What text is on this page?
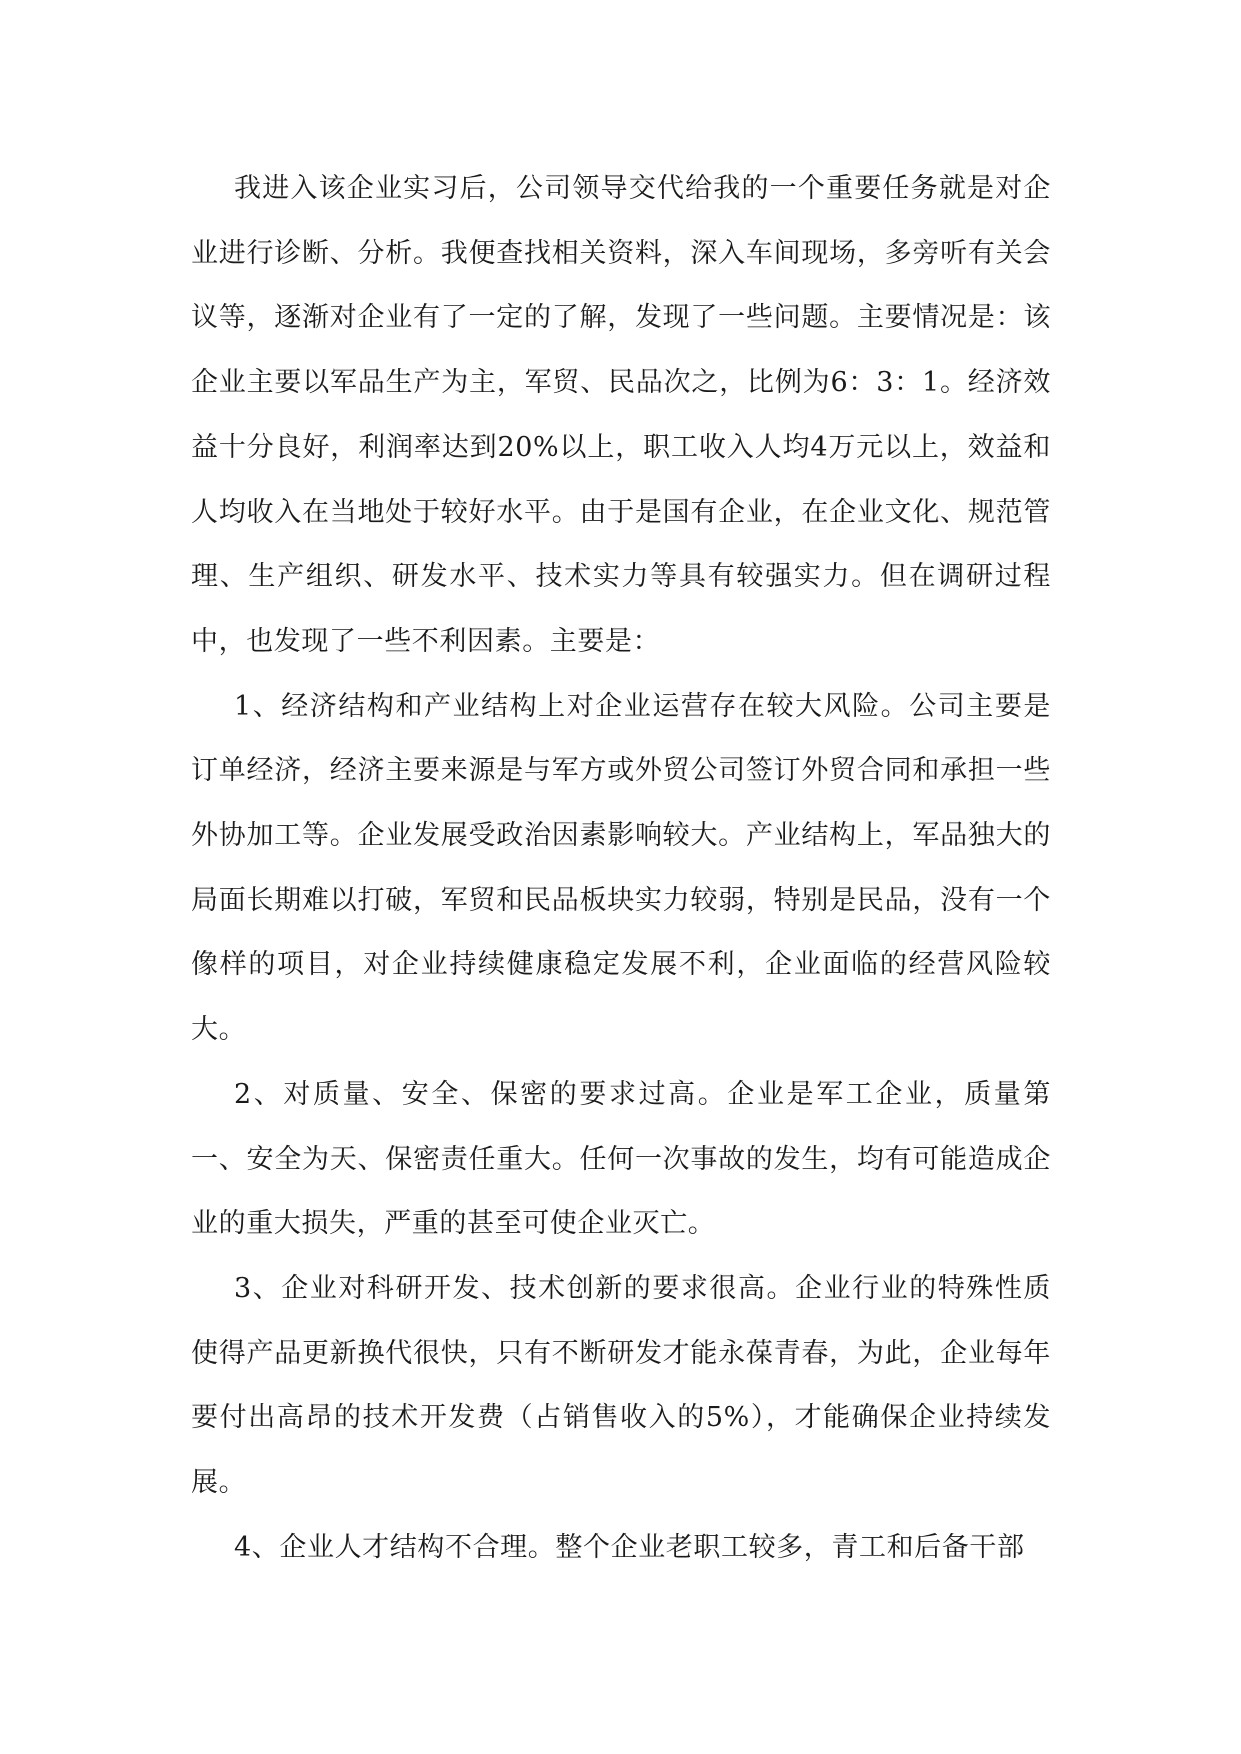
我进入该企业实习后，公司领导交代给我的一个重要任务就是对企业进行诊断、分析。我便查找相关资料，深入车间现场，多旁听有关会议等，逐渐对企业有了一定的了解，发现了一些问题。主要情况是：该企业主要以军品生产为主，军贸、民品次之，比例为6：3：1。经济效益十分良好，利润率达到20%以上，职工收入人均4万元以上，效益和人均收入在当地处于较好水平。由于是国有企业，在企业文化、规范管理、生产组织、研发水平、技术实力等具有较强实力。但在调研过程中，也发现了一些不利因素。主要是：

1、经济结构和产业结构上对企业运营存在较大风险。公司主要是订单经济，经济主要来源是与军方或外贸公司签订外贸合同和承担一些外协加工等。企业发展受政治因素影响较大。产业结构上，军品独大的局面长期难以打破，军贸和民品板块实力较弱，特别是民品，没有一个像样的项目，对企业持续健康稳定发展不利，企业面临的经营风险较大。

2、对质量、安全、保密的要求过高。企业是军工企业，质量第一、安全为天、保密责任重大。任何一次事故的发生，均有可能造成企业的重大损失，严重的甚至可使企业灭亡。

3、企业对科研开发、技术创新的要求很高。企业行业的特殊性质使得产品更新换代很快，只有不断研发才能永葆青春，为此，企业每年要付出高昂的技术开发费（占销售收入的5%），才能确保企业持续发展。

4、企业人才结构不合理。整个企业老职工较多，青工和后备干部
